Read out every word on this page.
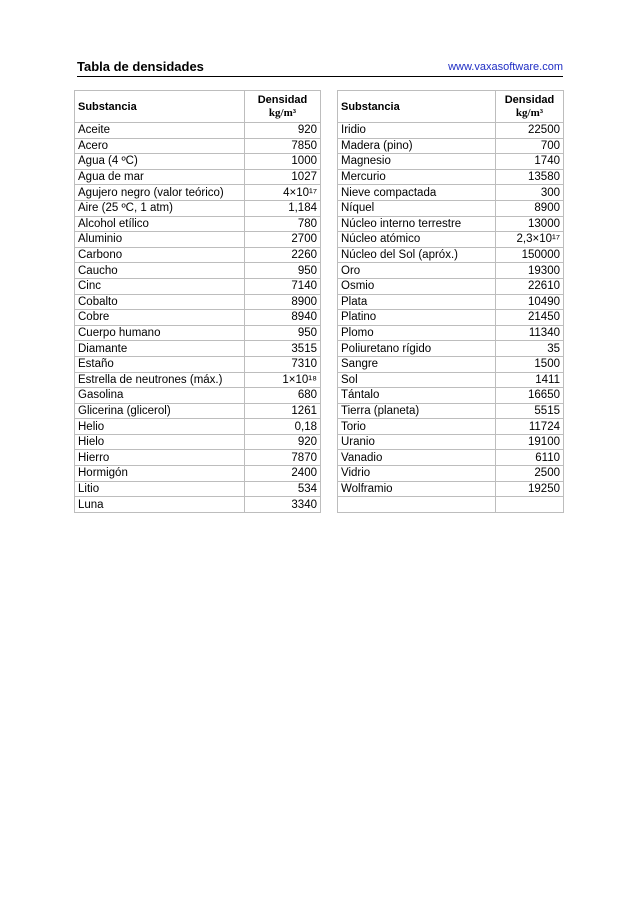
Tabla de densidades	www.vaxasoftware.com
Substancia	Densidad
kg/m³

Aceite	920
Acero	7850
Agua (4 ºC)	1000
Agua de mar	1027
Agujero negro (valor teórico)	4×10¹⁷
Aire (25 ºC, 1 atm)	1,184
Alcohol etílico	780
Aluminio	2700
Carbono	2260
Caucho	950
Cinc	7140
Cobalto	8900
Cobre	8940
Cuerpo humano	950
Diamante	3515
Estaño	7310
Estrella de neutrones (máx.)	1×10¹⁸
Gasolina	680
Glicerina (glicerol)	1261
Helio	0,18
Hielo	920
Hierro	7870
Hormigón	2400
Litio	534
Luna	3340
Substancia	Densidad
kg/m³

Iridio	22500
Madera (pino)	700
Magnesio	1740
Mercurio	13580
Nieve compactada	300
Níquel	8900
Núcleo interno terrestre	13000
Núcleo atómico	2,3×10¹⁷
Núcleo del Sol (apróx.)	150000
Oro	19300
Osmio	22610
Plata	10490
Platino	21450
Plomo	11340
Poliuretano rígido	35
Sangre	1500
Sol	1411
Tántalo	16650
Tierra (planeta)	5515
Torio	11724
Uranio	19100
Vanadio	6110
Vidrio	2500
Wolframio	19250
